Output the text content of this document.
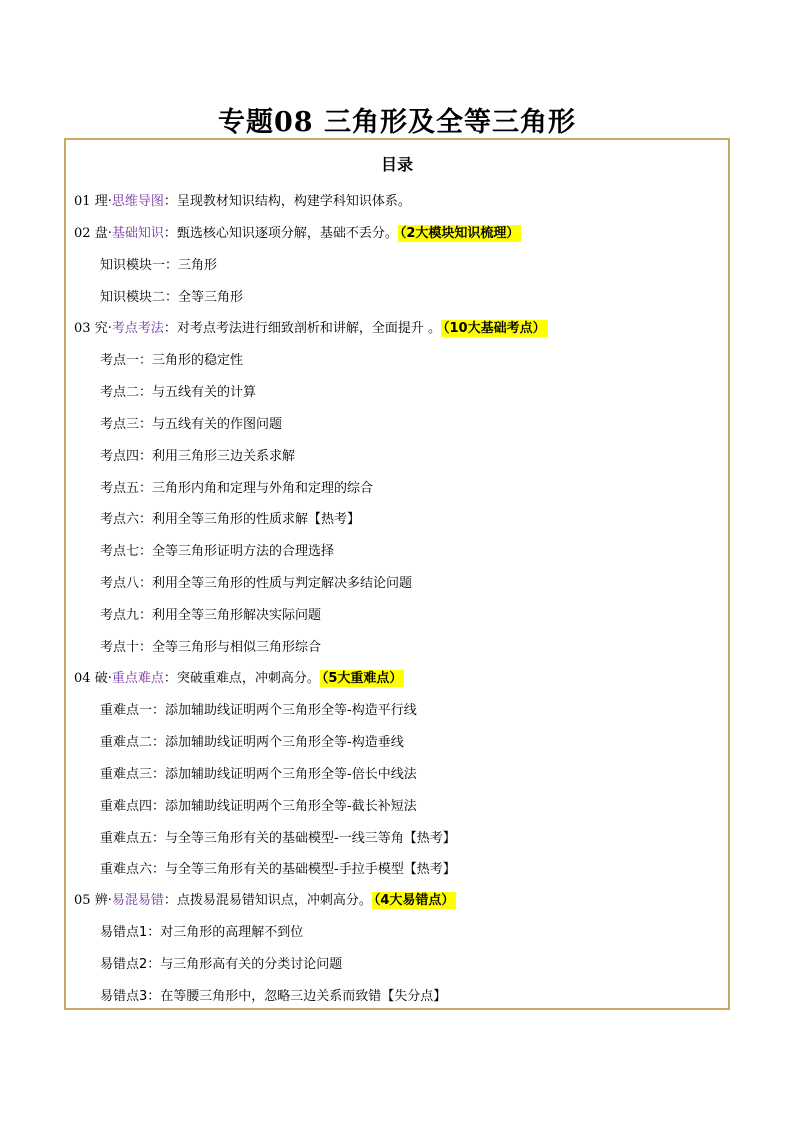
专题08 三角形及全等三角形
目录
01 理·思维导图：呈现教材知识结构，构建学科知识体系。
02 盘·基础知识：甄选核心知识逐项分解，基础不丢分。 （2大模块知识梳理）
知识模块一：三角形
知识模块二：全等三角形
03 究·考点考法：对考点考法进行细致剖析和讲解，全面提升 。 （10大基础考点）
考点一：三角形的稳定性
考点二：与五线有关的计算
考点三：与五线有关的作图问题
考点四：利用三角形三边关系求解
考点五：三角形内角和定理与外角和定理的综合
考点六：利用全等三角形的性质求解【热考】
考点七：全等三角形证明方法的合理选择
考点八：利用全等三角形的性质与判定解决多结论问题
考点九：利用全等三角形解决实际问题
考点十：全等三角形与相似三角形综合
04 破·重点难点：突破重难点，冲刺高分。 （5大重难点）
重难点一：添加辅助线证明两个三角形全等-构造平行线
重难点二：添加辅助线证明两个三角形全等-构造垂线
重难点三：添加辅助线证明两个三角形全等-倍长中线法
重难点四：添加辅助线证明两个三角形全等-截长补短法
重难点五：与全等三角形有关的基础模型-一线三等角【热考】
重难点六：与全等三角形有关的基础模型-手拉手模型【热考】
05 辨·易混易错：点拨易混易错知识点，冲刺高分。 （4大易错点）
易错点1：对三角形的高理解不到位
易错点2：与三角形高有关的分类讨论问题
易错点3：在等腰三角形中，忽略三边关系而致错【失分点】
